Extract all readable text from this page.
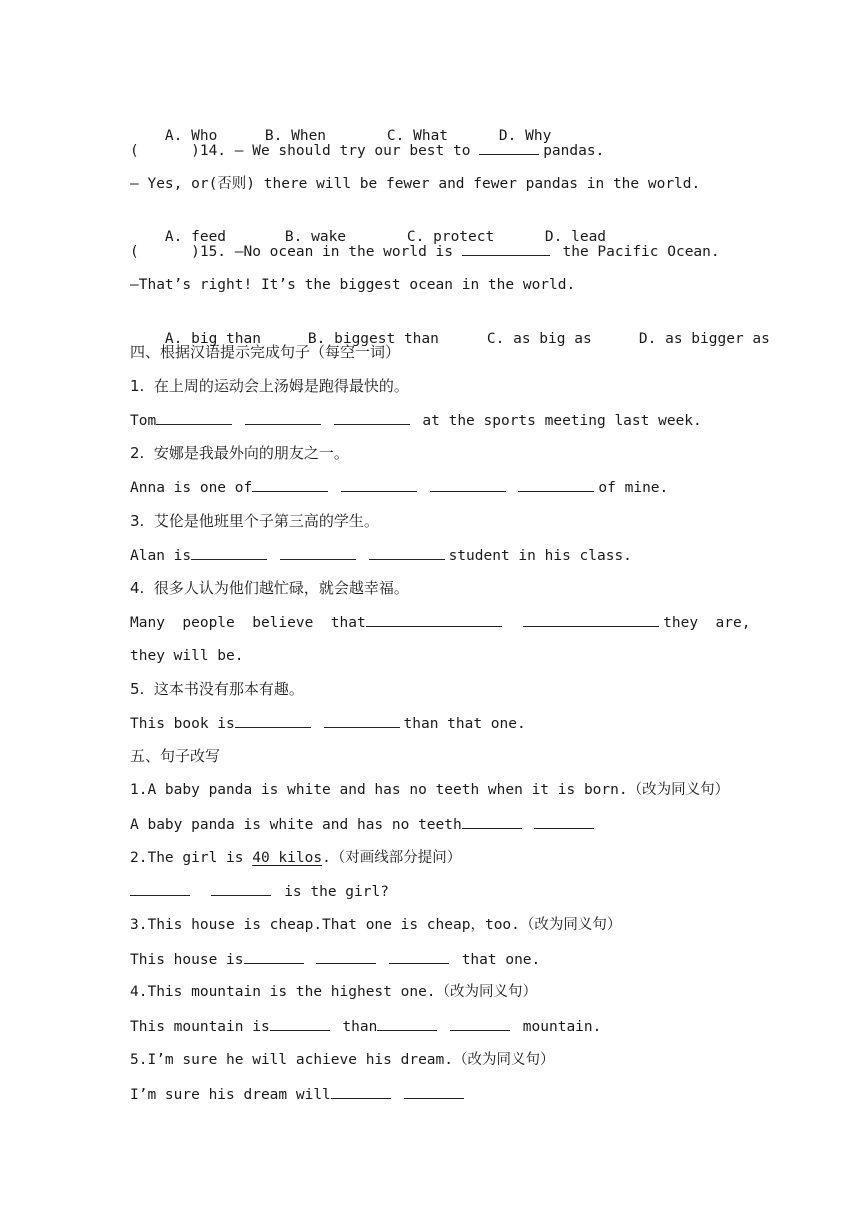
A. Who	B. When	C. What	D. Why

(      )14. — We should try our best to	pandas.
— Yes, or(否则) there will be fewer and fewer pandas in the world.

A. feed	B. wake	C. protect	D. lead

(      )15. —No ocean in the world is	the Pacific Ocean.
—That’s right! It’s the biggest ocean in the world.

A. big than	B. biggest than	C. as big as	D. as bigger as

四、根据汉语提示完成句子（每空一词）
1.  在上周的运动会上汤姆是跑得最快的。
Tom	at the sports meeting last week.
2.  安娜是我最外向的朋友之一。
Anna is one of	of mine.
3.  艾伦是他班里个子第三高的学生。
Alan is	student in his class.
4.  很多人认为他们越忙碌，就会越幸福。
Many  people  believe  that	they  are,
they will be.
5.  这本书没有那本有趣。
This book is	than that one.
五、句子改写
1.A baby panda is white and has no teeth when it is born.（改为同义句）
A baby panda is white and has no teeth
2.The girl is 40 kilos.（对画线部分提问）
is the girl?
3.This house is cheap.That one is cheap，too.（改为同义句）
This house is	that one.
4.This mountain is the highest one.（改为同义句）
This mountain is	than	mountain.
5.I’m sure he will achieve his dream.（改为同义句）
I’m sure his dream will
